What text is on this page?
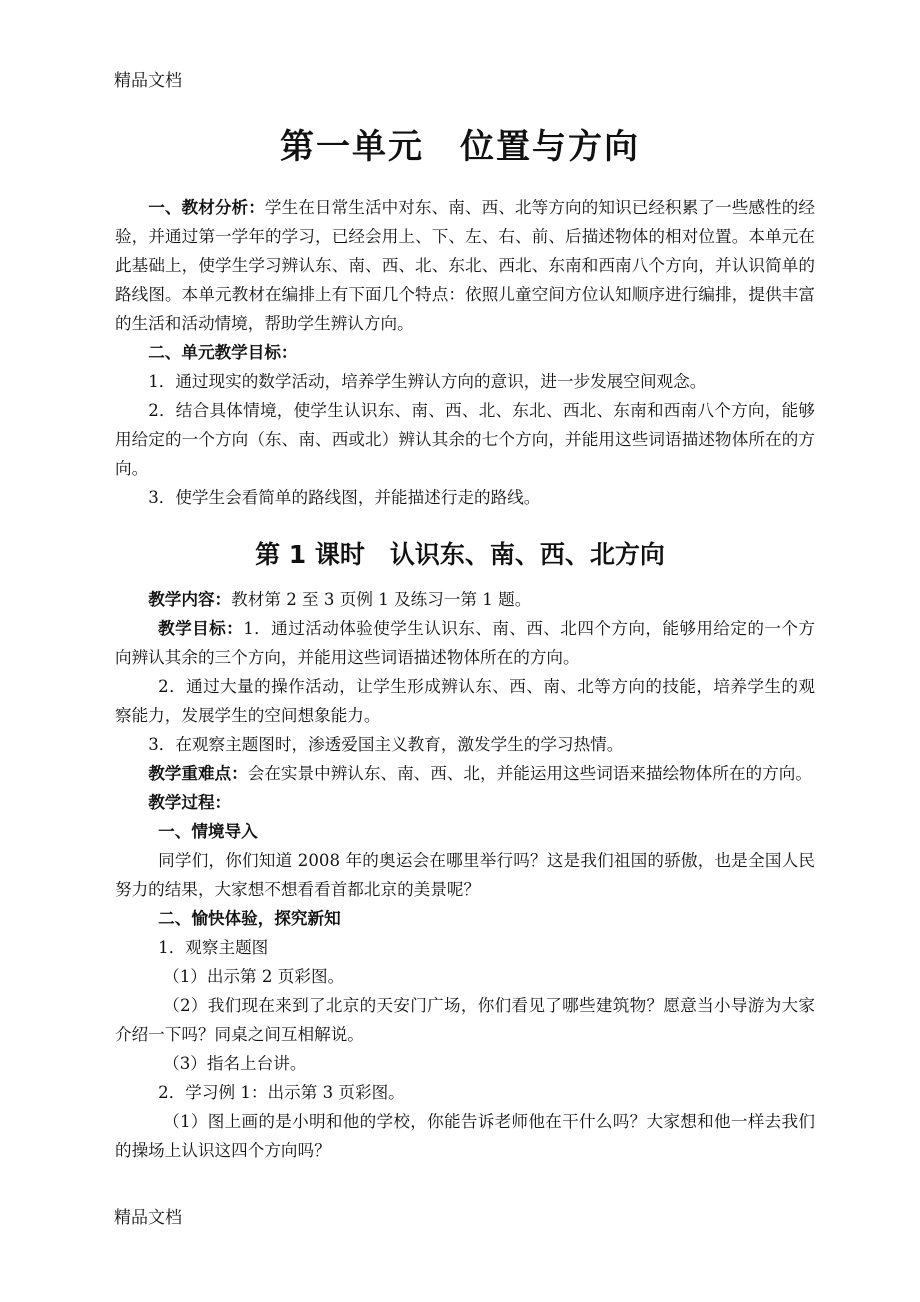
精品文档
第一单元　位置与方向

一、教材分析：学生在日常生活中对东、南、西、北等方向的知识已经积累了一些感性的经验，并通过第一学年的学习，已经会用上、下、左、右、前、后描述物体的相对位置。本单元在此基础上，使学生学习辨认东、南、西、北、东北、西北、东南和西南八个方向，并认识简单的路线图。本单元教材在编排上有下面几个特点：依照儿童空间方位认知顺序进行编排，提供丰富的生活和活动情境，帮助学生辨认方向。

二、单元教学目标：

1．通过现实的数学活动，培养学生辨认方向的意识，进一步发展空间观念。

2．结合具体情境，使学生认识东、南、西、北、东北、西北、东南和西南八个方向，能够用给定的一个方向（东、南、西或北）辨认其余的七个方向，并能用这些词语描述物体所在的方向。

3．使学生会看简单的路线图，并能描述行走的路线。

第 1 课时　认识东、南、西、北方向

教学内容：教材第 2 至 3 页例 1 及练习一第 1 题。

教学目标：1．通过活动体验使学生认识东、南、西、北四个方向，能够用给定的一个方向辨认其余的三个方向，并能用这些词语描述物体所在的方向。

2．通过大量的操作活动，让学生形成辨认东、西、南、北等方向的技能，培养学生的观察能力，发展学生的空间想象能力。

3．在观察主题图时，渗透爱国主义教育，激发学生的学习热情。

教学重难点：会在实景中辨认东、南、西、北，并能运用这些词语来描绘物体所在的方向。

教学过程：

一、情境导入

同学们，你们知道 2008 年的奥运会在哪里举行吗？这是我们祖国的骄傲，也是全国人民努力的结果，大家想不想看看首都北京的美景呢？

二、愉快体验，探究新知

1．观察主题图

（1）出示第 2 页彩图。

（2）我们现在来到了北京的天安门广场，你们看见了哪些建筑物？愿意当小导游为大家介绍一下吗？同桌之间互相解说。

（3）指名上台讲。

2．学习例 1：出示第 3 页彩图。

（1）图上画的是小明和他的学校，你能告诉老师他在干什么吗？大家想和他一样去我们的操场上认识这四个方向吗？

精品文档
